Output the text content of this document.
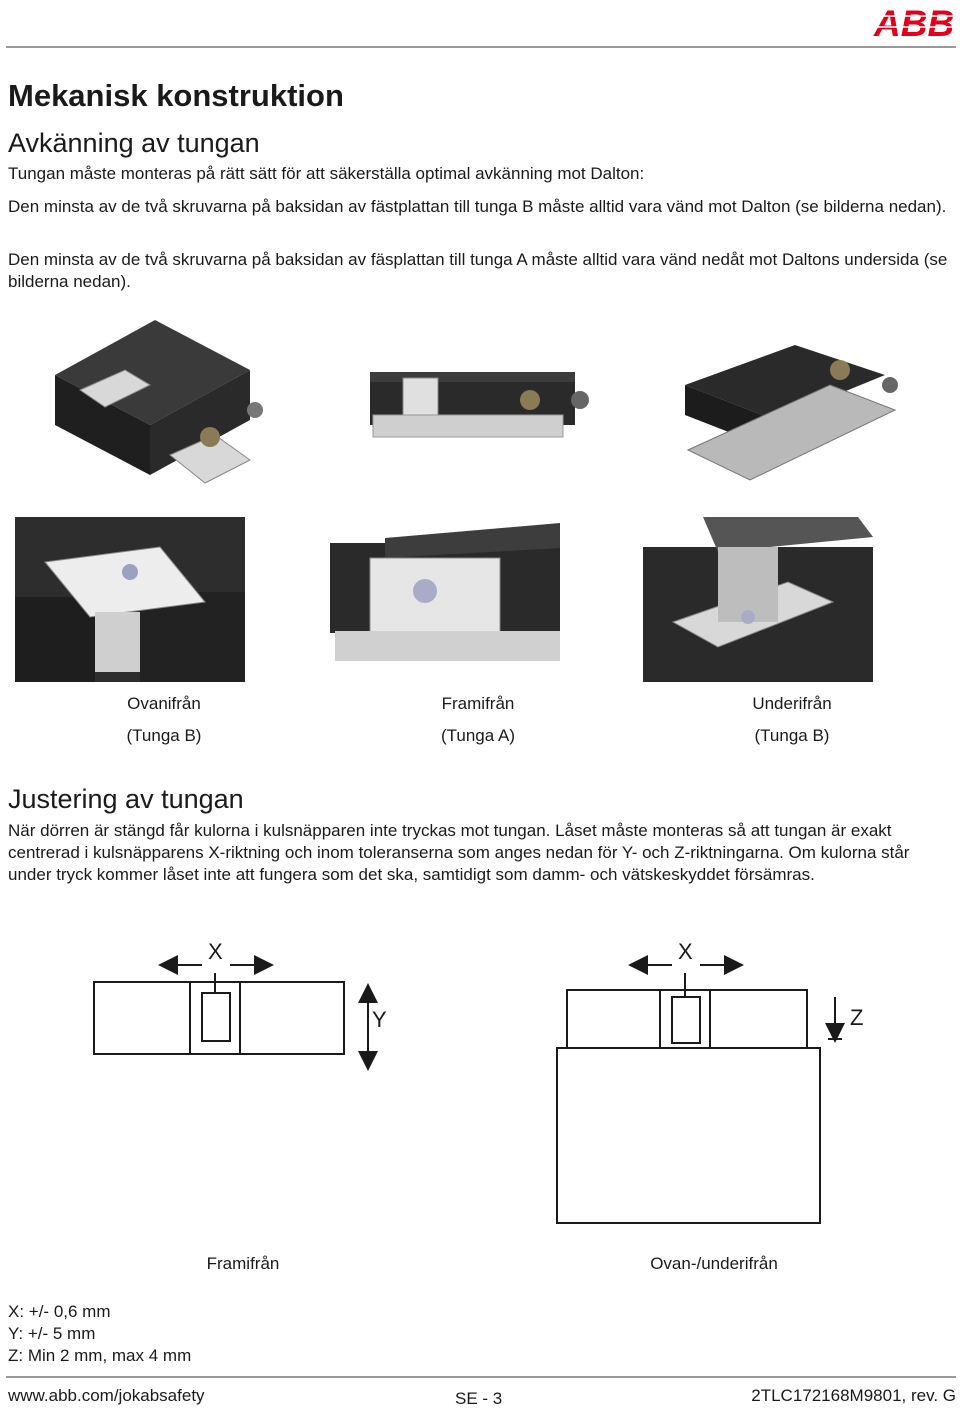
ABB
Mekanisk konstruktion
Avkänning av tungan

Tungan måste monteras på rätt sätt för att säkerställa optimal avkänning mot Dalton:

Den minsta av de två skruvarna på baksidan av fästplattan till tunga B måste alltid vara vänd mot Dalton (se bilderna nedan).

Den minsta av de två skruvarna på baksidan av fäsplattan till tunga A måste alltid vara vänd nedåt mot Daltons undersida (se bilderna nedan).

Ovanifrån
(Tunga B)
Framifrån
(Tunga A)
Underifrån
(Tunga B)
Justering av tungan

När dörren är stängd får kulorna i kulsnäpparen inte tryckas mot tungan. Låset måste monteras så att tungan är exakt centrerad i kulsnäpparens X-riktning och inom toleranserna som anges nedan för Y- och Z-riktningarna. Om kulorna står under tryck kommer låset inte att fungera som det ska, samtidigt som damm- och vätskeskyddet försämras.

X
Y
X
Z
Framifrån	Ovan-/underifrån
X: +/- 0,6 mm
Y: +/- 5 mm
Z: Min 2 mm, max 4 mm
www.abb.com/jokabsafety	SE - 3	2TLC172168M9801, rev. G
